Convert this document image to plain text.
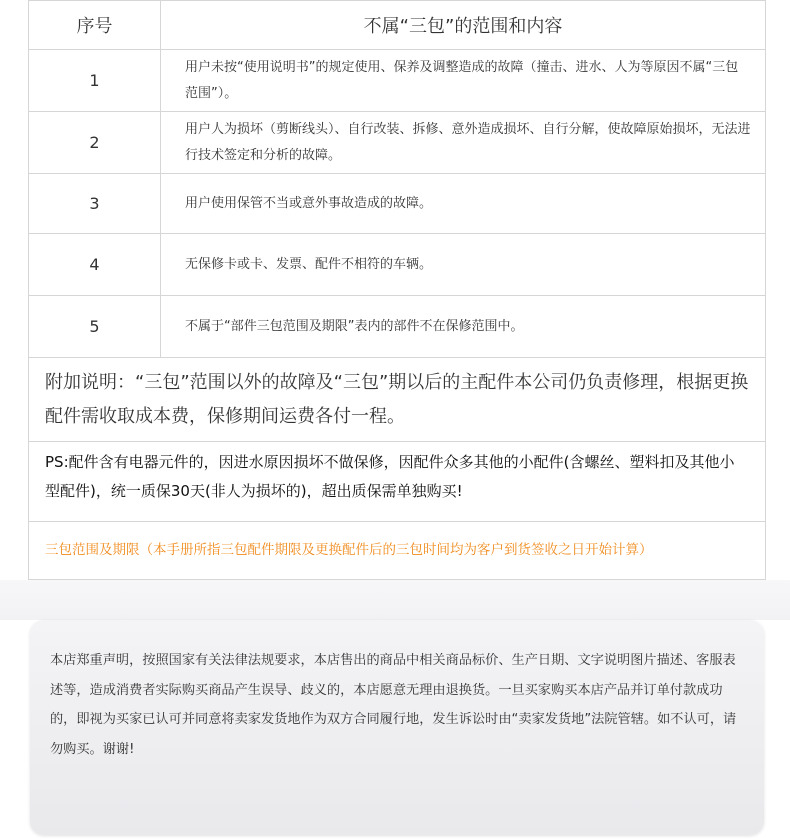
序号	不属“三包”的范围和内容
1	用户未按“使用说明书”的规定使用、保养及调整造成的故障（撞击、进水、人为等原因不属“三包范围”）。
2	用户人为损坏（剪断线头）、自行改装、拆修、意外造成损坏、自行分解，使故障原始损坏，无法进行技术签定和分析的故障。
3	用户使用保管不当或意外事故造成的故障。
4	无保修卡或卡、发票、配件不相符的车辆。
5	不属于“部件三包范围及期限”表内的部件不在保修范围中。
附加说明：“三包”范围以外的故障及“三包”期以后的主配件本公司仍负责修理，根据更换配件需收取成本费，保修期间运费各付一程。
PS:配件含有电器元件的，因进水原因损坏不做保修，因配件众多其他的小配件(含螺丝、塑料扣及其他小型配件)，统一质保30天(非人为损坏的)，超出质保需单独购买!
三包范围及期限（本手册所指三包配件期限及更换配件后的三包时间均为客户到货签收之日开始计算）
本店郑重声明，按照国家有关法律法规要求，本店售出的商品中相关商品标价、生产日期、文字说明图片描述、客服表述等，造成消费者实际购买商品产生误导、歧义的，本店愿意无理由退换货。一旦买家购买本店产品并订单付款成功的，即视为买家已认可并同意将卖家发货地作为双方合同履行地，发生诉讼时由“卖家发货地”法院管辖。如不认可，请勿购买。谢谢!
